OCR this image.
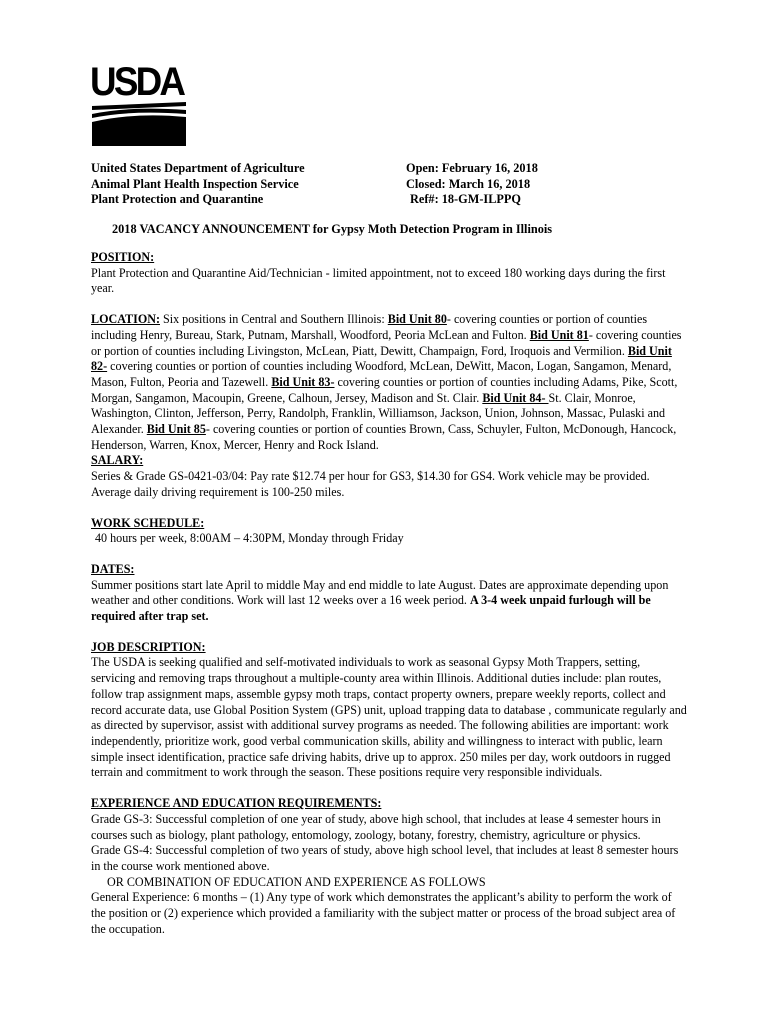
USDA
United States Department of Agriculture
Animal Plant Health Inspection Service
Plant Protection and Quarantine
Open: February 16, 2018
Closed: March 16, 2018
Ref#: 18-GM-ILPPQ
2018 VACANCY ANNOUNCEMENT for Gypsy Moth Detection Program in Illinois
POSITION:

Plant Protection and Quarantine Aid/Technician - limited appointment, not to exceed 180 working days during the first year.

LOCATION: Six positions in Central and Southern Illinois: Bid Unit 80- covering counties or portion of counties including Henry, Bureau, Stark, Putnam, Marshall, Woodford, Peoria McLean and Fulton. Bid Unit 81- covering counties or portion of counties including Livingston, McLean, Piatt, Dewitt, Champaign, Ford, Iroquois and Vermilion. Bid Unit 82- covering counties or portion of counties including Woodford, McLean, DeWitt, Macon, Logan, Sangamon, Menard, Mason, Fulton, Peoria and Tazewell. Bid Unit 83- covering counties or portion of counties including Adams, Pike, Scott, Morgan, Sangamon, Macoupin, Greene, Calhoun, Jersey, Madison and St. Clair. Bid Unit 84- St. Clair, Monroe, Washington, Clinton, Jefferson, Perry, Randolph, Franklin, Williamson, Jackson, Union, Johnson, Massac, Pulaski and Alexander. Bid Unit 85- covering counties or portion of counties Brown, Cass, Schuyler, Fulton, McDonough, Hancock, Henderson, Warren, Knox, Mercer, Henry and Rock Island.

SALARY:

Series & Grade GS-0421-03/04: Pay rate $12.74 per hour for GS3, $14.30 for GS4. Work vehicle may be provided. Average daily driving requirement is 100-250 miles.

WORK SCHEDULE:

40 hours per week, 8:00AM – 4:30PM, Monday through Friday

DATES:

Summer positions start late April to middle May and end middle to late August. Dates are approximate depending upon weather and other conditions. Work will last 12 weeks over a 16 week period. A 3-4 week unpaid furlough will be required after trap set.

JOB DESCRIPTION:

The USDA is seeking qualified and self-motivated individuals to work as seasonal Gypsy Moth Trappers, setting, servicing and removing traps throughout a multiple-county area within Illinois. Additional duties include: plan routes, follow trap assignment maps, assemble gypsy moth traps, contact property owners, prepare weekly reports, collect and record accurate data, use Global Position System (GPS) unit, upload trapping data to database , communicate regularly and as directed by supervisor, assist with additional survey programs as needed. The following abilities are important: work independently, prioritize work, good verbal communication skills, ability and willingness to interact with public, learn simple insect identification, practice safe driving habits, drive up to approx. 250 miles per day, work outdoors in rugged terrain and commitment to work through the season. These positions require very responsible individuals.

EXPERIENCE AND EDUCATION REQUIREMENTS:

Grade GS-3: Successful completion of one year of study, above high school, that includes at lease 4 semester hours in courses such as biology, plant pathology, entomology, zoology, botany, forestry, chemistry, agriculture or physics.

Grade GS-4: Successful completion of two years of study, above high school level, that includes at least 8 semester hours in the course work mentioned above.

OR COMBINATION OF EDUCATION AND EXPERIENCE AS FOLLOWS

General Experience: 6 months – (1) Any type of work which demonstrates the applicant’s ability to perform the work of the position or (2) experience which provided a familiarity with the subject matter or process of the broad subject area of the occupation.
